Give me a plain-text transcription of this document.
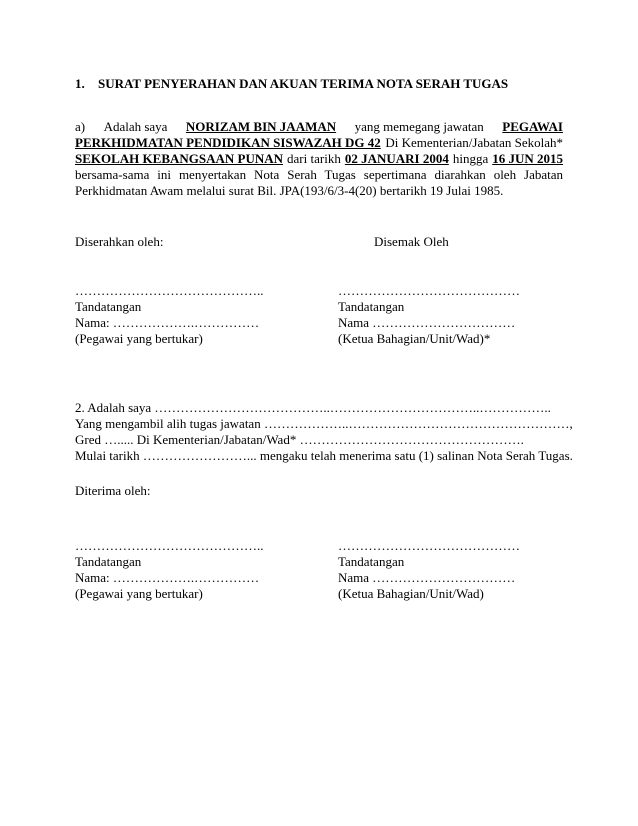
1. SURAT PENYERAHAN DAN AKUAN TERIMA NOTA SERAH TUGAS
a) Adalah saya NORIZAM BIN JAAMAN yang memegang jawatan PEGAWAI
PERKHIDMATAN PENDIDIKAN SISWAZAH DG 42 Di Kementerian/Jabatan Sekolah*
SEKOLAH KEBANGSAAN PUNAN dari tarikh 02 JANUARI 2004 hingga 16 JUN 2015
bersama-sama ini menyertakan Nota Serah Tugas sepertimana diarahkan oleh Jabatan
Perkhidmatan Awam melalui surat Bil. JPA(193/6/3-4(20) bertarikh 19 Julai 1985.
Diserahkan oleh:	Disemak Oleh
……………………………………..	……………………………………
Tandatangan	Tandatangan
Nama: ……………….……………	Nama ……………………………
(Pegawai yang bertukar)	(Ketua Bahagian/Unit/Wad)*
2. Adalah saya …………………………………..……………………………..……………..
Yang mengambil alih tugas jawatan ………………..……………………………………………,
Gred …..... Di Kementerian/Jabatan/Wad* …………………………………………….
Mulai tarikh ……………………... mengaku telah menerima satu (1) salinan Nota Serah Tugas.
Diterima oleh:
……………………………………..	……………………………………
Tandatangan	Tandatangan
Nama: ……………….……………	Nama ……………………………
(Pegawai yang bertukar)	(Ketua Bahagian/Unit/Wad)
